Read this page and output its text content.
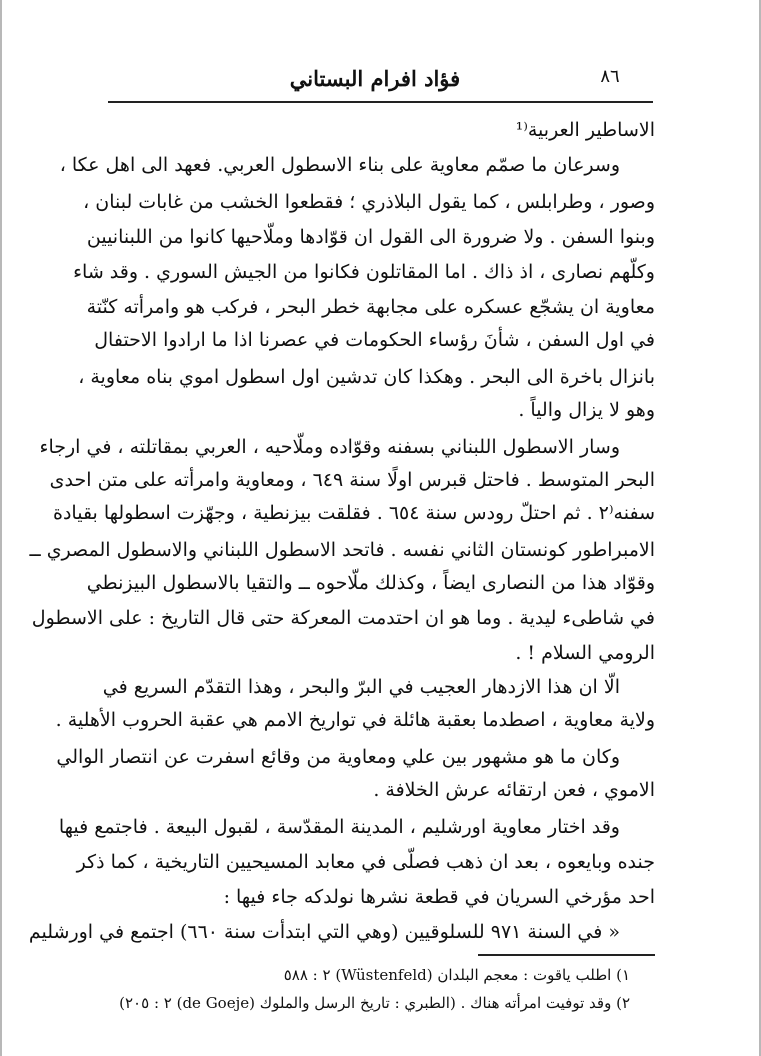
فؤاد افرام البستاني	٨٦
الاساطير العربية⁽¹
وسرعان ما صمّم معاوية على بناء الاسطول العربي. فعهد الى اهل عكا ،
وصور ، وطرابلس ، كما يقول البلاذري ؛ فقطعوا الخشب من غابات لبنان ،
وبنوا السفن . ولا ضرورة الى القول ان قوّادها وملّاحيها كانوا من اللبنانيين
وكلّهم نصارى ، اذ ذاك . اما المقاتلون فكانوا من الجيش السوري . وقد شاء
معاوية ان يشجّع عسكره على مجابهة خطر البحر ، فركب هو وامرأته كنّتة
في اول السفن ، شأنَ رؤساء الحكومات في عصرنا اذا ما ارادوا الاحتفال
بانزال باخرة الى البحر . وهكذا كان تدشين اول اسطول اموي بناه معاوية ،
وهو لا يزال والياً .
وسار الاسطول اللبناني بسفنه وقوّاده وملّاحيه ، العربي بمقاتلته ، في ارجاء
البحر المتوسط . فاحتل قبرس اولًا سنة ٦٤٩ ، ومعاوية وامرأته على متن احدى
سفنه⁽٢ . ثم احتلّ رودس سنة ٦٥٤ . فقلقت بيزنطية ، وجهّزت اسطولها بقيادة
الامبراطور كونستان الثاني نفسه . فاتحد الاسطول اللبناني والاسطول المصري ــ
وقوّاد هذا من النصارى ايضاً ، وكذلك ملّاحوه ــ والتقيا بالاسطول البيزنطي
في شاطىء ليدية . وما هو ان احتدمت المعركة حتى قال التاريخ : على الاسطول
الرومي السلام ! .
الّا ان هذا الازدهار العجيب في البرّ والبحر ، وهذا التقدّم السريع في
ولاية معاوية ، اصطدما بعقبة هائلة في تواريخ الامم هي عقبة الحروب الأهلية .
وكان ما هو مشهور بين علي ومعاوية من وقائع اسفرت عن انتصار الوالي
الاموي ، فعن ارتقائه عرش الخلافة .
وقد اختار معاوية اورشليم ، المدينة المقدّسة ، لقبول البيعة . فاجتمع فيها
جنده وبايعوه ، بعد ان ذهب فصلّى في معابد المسيحيين التاريخية ، كما ذكر
احد مؤرخي السريان في قطعة نشرها نولدكه جاء فيها :
« في السنة ٩٧١ للسلوقيين (وهي التي ابتدأت سنة ٦٦٠) اجتمع في اورشليم
١) اطلب ياقوت : معجم البلدان (Wüstenfeld) ٢ : ٥٨٨
٢) وقد توفيت امرأته هناك . (الطبري : تاريخ الرسل والملوك (de Goeje) ٢ : ٢٠٥)
